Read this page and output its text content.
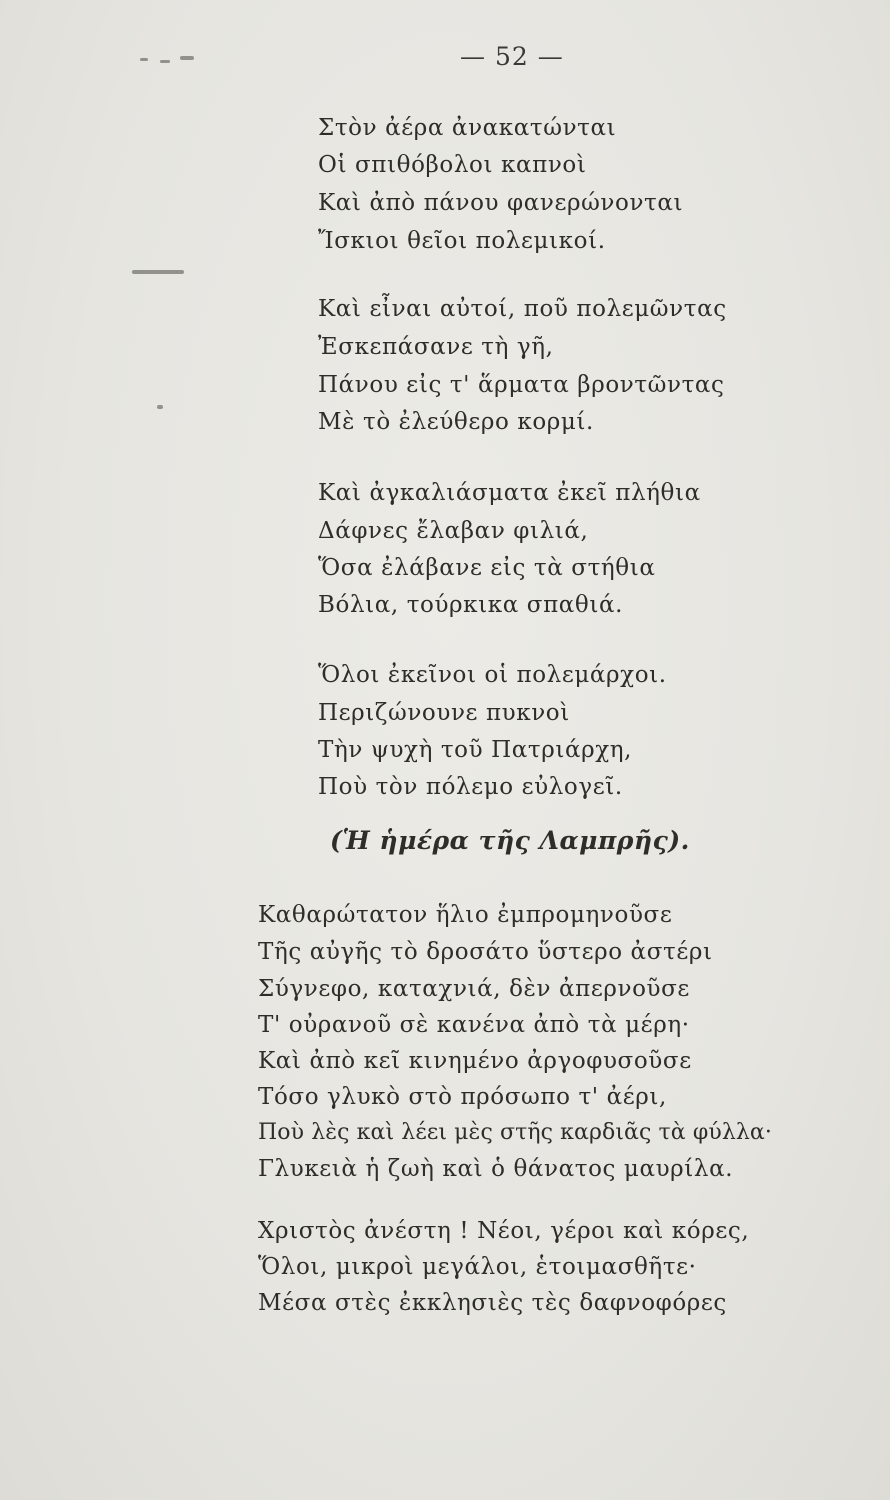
— 52 —
Στὸν ἀέρα ἀνακατώνται
Οἱ σπιθόβολοι καπνοὶ
Καὶ ἀπὸ πάνου φανερώνονται
Ἴσκιοι θεῖοι πολεμικοί.
Καὶ εἶναι αὐτοί, ποῦ πολεμῶντας
Ἐσκεπάσανε τὴ γῆ,
Πάνου εἰς τ' ἅρματα βροντῶντας
Μὲ τὸ ἐλεύθερο κορμί.
Καὶ ἀγκαλιάσματα ἐκεῖ πλήθια
Δάφνες ἔλαβαν φιλιά,
Ὅσα ἐλάβανε εἰς τὰ στήθια
Βόλια, τούρκικα σπαθιά.
Ὅλοι ἐκεῖνοι οἱ πολεμάρχοι.
Περιζώνουνε πυκνοὶ
Τὴν ψυχὴ τοῦ Πατριάρχη,
Ποὺ τὸν πόλεμο εὐλογεῖ.
(Ἡ ἡμέρα τῆς Λαμπρῆς).
Καθαρώτατον ἥλιο ἐμπρομηνοῦσε
Τῆς αὐγῆς τὸ δροσάτο ὕστερο ἀστέρι
Σύγνεφο, καταχνιά, δὲν ἀπερνοῦσε
Τ' οὐρανοῦ σὲ κανένα ἀπὸ τὰ μέρη·
Καὶ ἀπὸ κεῖ κινημένο ἀργοφυσοῦσε
Τόσο γλυκὸ στὸ πρόσωπο τ' ἀέρι,
Ποὺ λὲς καὶ λέει μὲς στῆς καρδιᾶς τὰ φύλλα·
Γλυκειὰ ἡ ζωὴ καὶ ὁ θάνατος μαυρίλα.
Χριστὸς ἀνέστη ! Νέοι, γέροι καὶ κόρες,
Ὅλοι, μικροὶ μεγάλοι, ἑτοιμασθῆτε·
Μέσα στὲς ἐκκλησιὲς τὲς δαφνοφόρες
